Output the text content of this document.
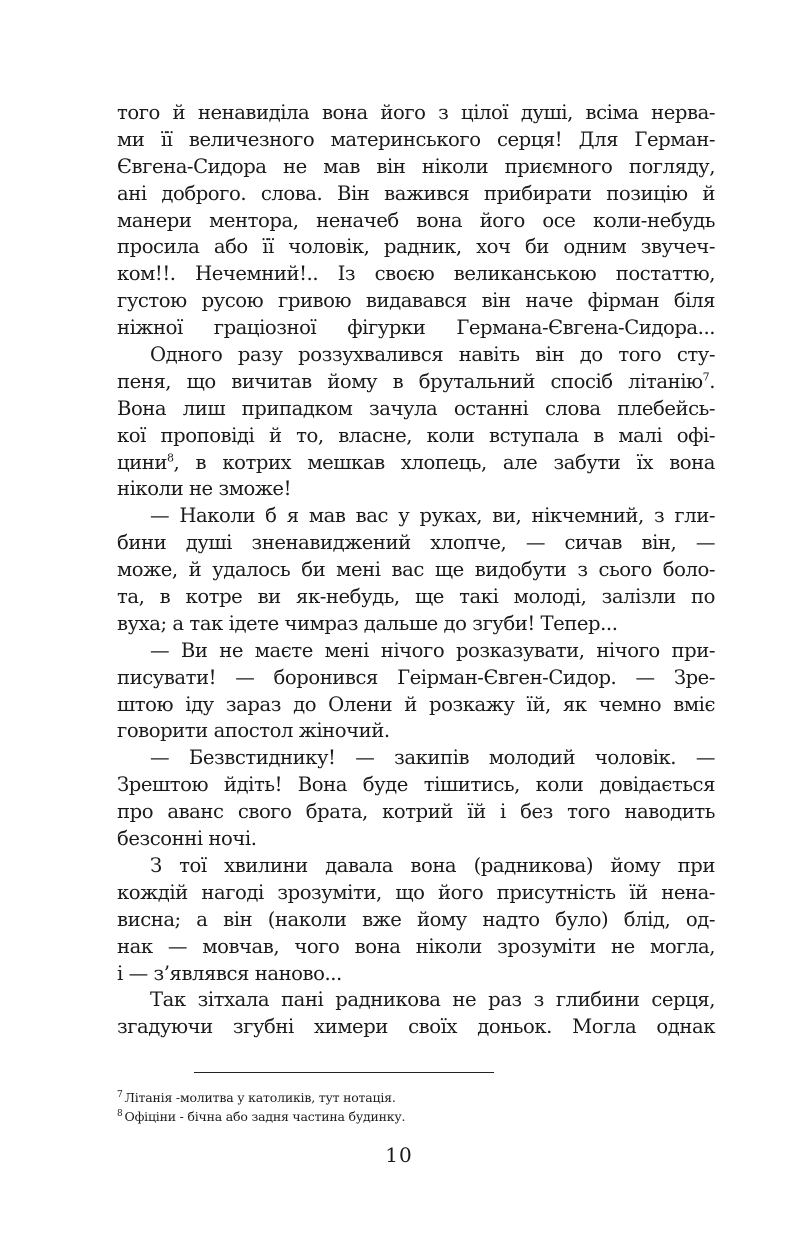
того й ненавиділа вона його з цілої душі, всіма нерва-
ми її величезного материнського серця! Для Герман-
Євгена-Сидора не мав він ніколи приємного погляду,
ані доброго. слова. Він важився прибирати позицію й
манери ментора, неначеб вона його осе коли-небудь
просила або її чоловік, радник, хоч би одним звучеч-
ком!!. Нечемний!.. Із своєю великанською постаттю,
густою русою гривою видавався він наче фірман біля
ніжної граціозної фігурки Германа-Євгена-Сидора...
Одного разу роззухвалився навіть він до того сту-
пеня, що вичитав йому в брутальний спосіб літанію$^7$.
Вона лиш припадком зачула останні слова плебейсь-
кої проповіді й то, власне, коли вступала в малі офі-
цини$^8$, в котрих мешкав хлопець, але забути їх вона
ніколи не зможе!
— Наколи б я мав вас у руках, ви, нікчемний, з гли-
бини душі зненавиджений хлопче, — сичав він, —
може, й удалось би мені вас ще видобути з сього боло-
та, в котре ви як-небудь, ще такі молоді, залізли по
вуха; а так ідете чимраз дальше до згуби! Тепер...
— Ви не маєте мені нічого розказувати, нічого при-
писувати! — боронився Геірман-Євген-Сидор. — Зре-
штою іду зараз до Олени й розкажу їй, як чемно вміє
говорити апостол жіночий.
— Безвстиднику! — закипів молодий чоловік. —
Зрештою йдіть! Вона буде тішитись, коли довідається
про аванс свого брата, котрий їй і без того наводить
безсонні ночі.
З тої хвилини давала вона (радникова) йому при
кождій нагоді зрозуміти, що його присутність їй нена-
висна; а він (наколи вже йому надто було) блід, од-
нак — мовчав, чого вона ніколи зрозуміти не могла,
і — з’являвся наново...
Так зітхала пані радникова не раз з глибини серця,
згадуючи згубні химери своїх доньок. Могла однак
$^7$ Літанія -молитва у католиків, тут нотація.
$^8$ Офіціни - бічна або задня частина будинку.
10
